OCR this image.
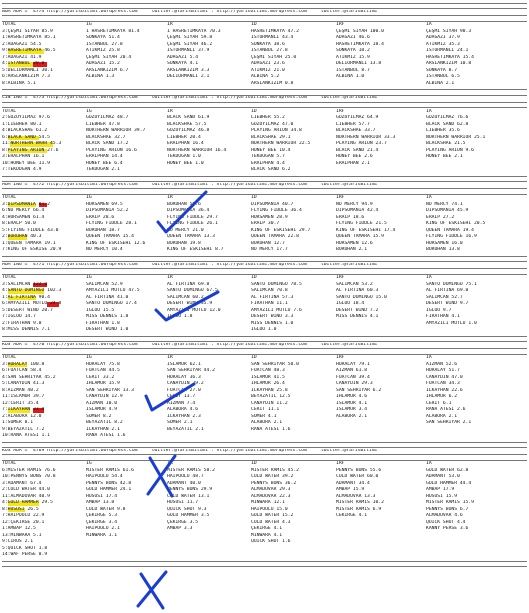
NUM ADA = "4774 http://yarisbilimi.wordpress.com     twitter:@YarisBilimi : http://yarisbilimi.wordpress.com     twitter:@YarisBilimi
TOTAL	1G	1R	1D	1RF	1A
3:ÇEŞMİ SIYAH 85.9	1 HASRETIMKAYA 81.4	1 HASRETIMKAYA 70.3	HASRETIMKAYA 47.2	ÇEŞMİ SIYAH 100.0	ÇEŞMİ SIYAH 90.3
1:HASRETIMKAYA 85.1	SONKAYA 51.4	ÇEŞMİ SIYAH 59.8	ISTORMANLI 43.4	ADAGAZI 46.6	ADAGAZI 37.9
2:ADAGAZI 54.5	ISTANBUL 27.8	ÇEŞMİ SIYAH 46.2	SONKAYA 38.6	HASRETIMKAYA 18.4	ATIKMIZ 35.3
9:HASRETIMKAYA 46.5	ATIKMIZ 25.8	ISTORMANLI 37.9	ISTANBUL 27.8	SONKAYA 18.2	ISTORMANLI 24.1
7:ADAGAZI 41.9	ÇEŞMİ SIYAH 20.4	ADAGAZI 5.4	ÇEŞMİ SIYAH 25.0	ATIKMIZ 15.9	HASRETIMKAYA 15.4
4:ISTANBUL 39.8	ADAGAZI 15.2	SONKAYA 4.1	ADAGAZI 23.6	DELIORMANLI 13.8	ARSLANKIZIM 10.8
5:DELIORMANLI 30.1	ARSLANKIZIM 6.7	ARSLANKIZIM 3.3	ATIKMIZ 21.0	ISTANBUL 8.7	SONKAYA 8.7
6:ARSLANKIZIM 7.3	ALBINA 1.3	DELIORMANLI 2.1	ALBINA 5.2	ALBINA 1.0	ISTANBUL 6.5
8:ALBINA 5.1	ARSLANKIZIM 0.8	ALBINA 2.1
CIN ING = "4773 http://yarisbilimi.wordpress.com     twitter:@YarisBilimi : http://yarisbilimi.wordpress.com     twitter:@YarisBilimi
TOTAL	1G	1R	1D	1RF	1A
2:GÖZÜYILMAZ 97.6	GÖZÜYILMAZ 48.7	BLACK SAND 61.9	LIEBHER 55.2	GÖZÜYILMAZ 64.9	GÖZÜYILMAZ 76.6
1:LIEBHER 80.1	LIEBHER 47.8	BLACKSHAE 57.5	GÖZÜYILMAZ 47.0	LIEBHER 57.7	BLACK SAND 62.8
4:BLACKSHAE 61.2	NORTHERN WARRIOR 39.7	GÖZÜYILMAZ 46.8	PLAYING ARION 34.8	BLACKSHAE 33.7	LIEBHER 35.6
6:BLACK SAND 54.5	BLACKSHAE 32.7	LIEBHER 20.4	BLACKSHAE 29.1	NORTHERN WARRIOR 33.3	NORTHERN WARRIOR 25.1
11:NORTHERN WARR 45.3	BLACK SAND 17.2	ERALPHAN 16.4	NORTHERN WARRIOR 22.5	PLAYING ARION 23.7	BLACKSHAE 21.5
8:PLAYING ARION 27.6	PLAYING ARION 16.6	NORTHERN WARRIOR 16.4	HONEY BEE 10.4	BLACK SAND 21.4	PLAYING ARION 9.6
3:ERALPHAN 16.1	ERALPHAN 14.4	TEKDOGAN 1.0	TEKDOGAN 5.7	HONEY BEE 2.6	HONEY BEE 2.1
10:HONEY BEE 11.9	HONEY BEE 6.4	HONEY BEE 1.0	ERALPHAN 4.4	ERALPHAN 2.1
7:TEKDOGAN 4.9	TEKDOGAN 2.1	BLACK SAND 6.2
MUM ING = "4772 http://yarisbilimi.wordpress.com     twitter:@YarisBilimi : http://yarisbilimi.wordpress.com     twitter:@YarisBilimi
TOTAL	1G	1R	1D	1RF	1A
3:DIPSOMANIA 81.2	HURSAMEN 69.5	BÖRÜHAN 55.6	DIPSOMANIA 40.7	NO MERCY 94.9	NO MERCY 74.1
6:NO MERCY 66.4	DIPSOMANIA 52.2	DIPSOMANIA 36.4	FLYING FIDDLE 36.4	DIPSOMANIA 42.4	DIPSOMANIA 45.9
4:HURSAMEN 61.4	ERALP 28.6	FLYING FIDDLE 29.7	HURSAMEN 28.9	ERALP 18.6	ERALP 27.2
8:ERALP 50.0	FLYING FIDDLE 28.1	FLYING FIDDLE 26.1	ERALP 30.7	FLYING FIDDLE 21.5	KING OF ESKISEHI 20.5
5:FLYING FIDDLE 43.0	BÖRÜHAN 18.7	NO MERCY 21.0	KING OF ESKISEHI 29.7	KING OF ESKISEHI 17.4	QUEEN TAMARA 19.4
2:BÖRÜHAN 40.3	QUEEN TAMARA 15.4	QUEEN TAMARA 13.3	QUEEN TAMARA 22.8	QUEEN TAMARA 15.9	FLYING FIDDLE 16.9
1:QUEEN TAMARA 19.1	KING OF ESKISEHI 12.6	BÖRÜHAN 19.8	BÖRÜHAN 12.7	HURSAMEN 12.6	HURSAMEN 16.0
7:KING OF ESKISE 20.9	NO MERCY 10.4	KING OF ESKISEHI 8.7	NO MERCY 17.7	BÖRÜHAN 2.1	BÖRÜHAN 13.8
MUM ING = "4771 http://yarisbilimi.wordpress.com     twitter:@YarisBilimi : http://yarisbilimi.wordpress.com     twitter:@YarisBilimi
TOTAL	1G	1R	1D	1RF	1A
3:SALIMCAN 122.0	SALIMCAN 52.9	AL FIRTINA 69.8	SANTO DOMINGO 78.5	SALIMCAN 53.2	SANTO DOMINGO 75.1
4:SANTO DOMINGO 102.3	AMYAZILI MUTLU 47.5	SANTO DOMINGO 67.5	SALIMCAN 70.8	AL FIRTINA 60.3	AL FIRTINA 69.0
1:AL FIRTINA 90.4	AL FIRTINA 41.0	SALIMCAN 60.2	AL FIRTINA 57.3	SANTO DOMINGO 15.0	SALIMCAN 52.7
6:AMYAZILI MUTLU 24.8	SANTO DOMINGO 17.4	DESERT WIND 35.9	FIRATHAN 11.1	IGLOO 18.4	DESERT WIND 9.7
5:DESERT WIND 20.7	IGLOO 15.5	AMYAZILI MUTLU 12.0	AMYAZILI MUTLU 7.6	DESERT WIND 7.2	IGLOO 9.7
7:IGLOO 14.7	MISS DENNIS 1.8	IGLOO 1.8	DESERT WIND 3.3	MISS DENNIS 4.1	FIRATHAN 4.1
2:FIRATHAN 9.0	FIRATHAN 1.8	MISS DENNIS 1.0	AMYAZILI MUTLU 1.0
8:MISS DENNIS 7.1	DESERT WIND 1.0	IGLOO 1.0
KOS ADA = "4770 http://yarisbilimi.wordpress.com     twitter:@YarisBilimi : http://yarisbilimi.wordpress.com     twitter:@YarisBilimi
TOTAL	1G	1R	1D	1RF	1A
3:HORALAY 100.8	HORALAY 75.8	ISLAMOR 62.1	SAN SEHRIYAR 50.0	HORALAY 79.1	AIZMAN 52.6
6:FUATCAN 58.4	FUATCAN 44.5	SAN SEHRIYAR 44.2	FUATCAN 48.3	AIZMAN 61.8	HORALAY 51.7
4:SAN SEHRIYAR 45.2	CERIT 33.2	HORALAY 36.3	ISLAMOR 41.5	FUATCAN 39.4	CANAYDIN 47.0
5:CANAYDIN 41.3	IHLAMUR 15.9	CANAYDIN 29.2	IHLAMUR 26.4	CANAYDIN 29.3	FUATCAN 34.3
8:AIZMAN 40.2	SAN SEHRIYAR 13.3	FUATCAN 27.0	ILKAYHAN 25.8	SAN SEHRIYAR 6.2	ILKAYHAN 22.6
11:ISLAMOR 39.7	CANAYDIN 12.9	CERIT 13.7	BEYAZATIL 12.5	IHLAMUR 4.6	IHLAMUR 6.2
12:CERIT 35.4	AIZMAN 10.0	AIZMAN 7.4	CANAYDIN 11.2	ISLAMOR 4.1	CERIT 6.1
7:ILKAYHAN 33.4	ISLAMOR 4.9	ALABORA 4.6	CERIT 11.1	ISLAMOR 3.4	RANA ATESI 2.6
2:ALABORA 12.0	SÖMER 8.2	ILKAYHAN 2.3	SÖMER 4.1	ALABORA 2.1	ALABORA 2.1
1:SÖMER 8.1	BEYAZATIL 8.2	SÖMER 2.1	ALABORA 2.1	SAN SEHRIYAR 2.1
9:BEYAZATIL 7.2	ILKAYHAN 2.1	BEYAZATIL 2.1	RANA ATESI 1.6
10:RANA ATESI 1.1	RANA ATESI 1.6
KOS ADA = "4769 http://yarisbilimi.wordpress.com     twitter:@YarisBilimi : http://yarisbilimi.wordpress.com     twitter:@YarisBilimi
TOTAL	1G	1R	1D	1RF	1A
6:MISTER RAMIS 76.6	MISTER RAMIS 61.6	MISTER RAMIS 58.2	MISTER RAMIS 45.2	PENNYS BONS 55.6	GOLD WATER 62.8
10:PENNYS BONS 70.8	HAIPOOLU 54.4	HAIPOOLU 48.7	COLD WATER 39.2	COLD WATER 60.0	ADAMANT 53.0
3:ADAMANT 67.4	PENNYS BONS 42.8	ADAMANT 40.0	PENNYS BONS 36.2	ADAMANT 34.4	GOLD HAMMER 44.4
2:COLD WATER 44.0	GOLD HAMMER 24.1	PENNYS BONS 29.9	ALMADOVAR 29.3	AMBAP 15.9	AMBAP 17.9
11:ALMADOVAR 40.9	HUSUSI 17.4	COLD WATER 13.1	ALMADOVAR 22.3	ALMADOVAR 13.3	HUSUSI 15.9
4:GOLD HAMMER 29.5	AMBAP 13.8	HUSUSI 11.7	MINWARA 12.1	MISTER RAMIS 10.2	MISTER RAMIS 15.9
8:HUSUSI 26.5	COLD WATER 9.8	QUICK SHOT 9.3	HAIPOOLU 15.0	MISTER RAMIS 6.9	PENNYS BONS 6.7
7:HAIPOOLU 22.9	ÇEKIRGE 5.3	GOLD HAMMER 3.5	GOLD WATER 15.2	CEKIRGE 4.1	ALMADOVAR 4.6
12:ÇEKIRGE 20.1	ÇEKIRGE 3.4	ÇEKIRGE 3.5	COLD WATER 4.3	QUICK SHOT 4.4
1:AMBAP 12.5	HAIPOOLU 2.1	AMBAP 3.3	ÇEKIRGE 4.1	KANNY PERSE 3.6
13:MINWARA 5.1	MINWARA 1.1	MINWARA 4.1
9:CIROS 2.1	QUICK SHOT 1.6
5:QUICK SHOT 1.8
14:WAF PERSE 0.9
